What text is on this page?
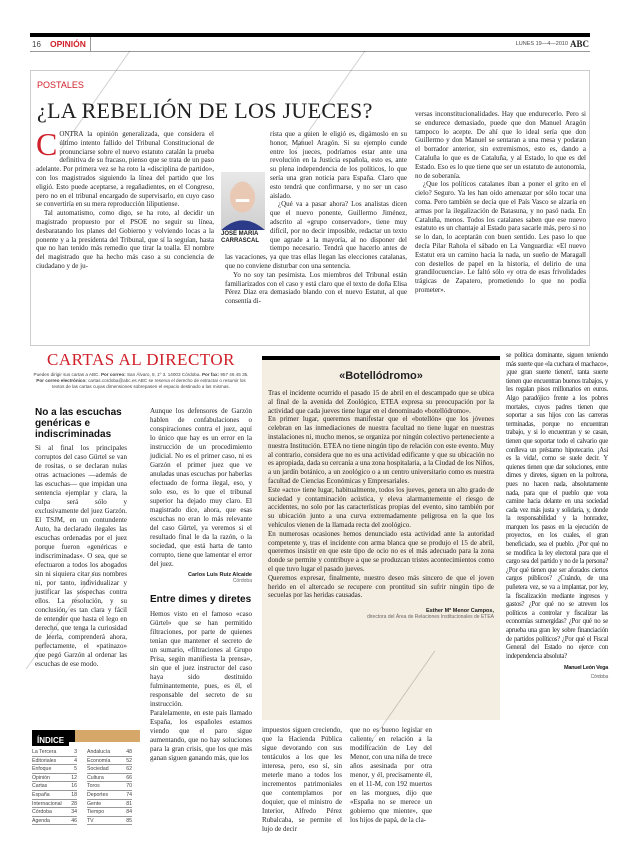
16	OPINIÓN	LUNES 19—4—2010 ABC
POSTALES
¿LA REBELIÓN DE LOS JUECES?
C ONTRA la opinión generalizada, que considera el último intento fallido del Tribunal Constitucional de pronunciarse sobre el nuevo estatuto catalán la prueba definitiva de su fracaso, pienso que se trata de un paso adelante. Por primera vez se ha roto la «disciplina de partido», con los magistrados siguiendo la línea del partido que los eligió. Esto puede aceptarse, a regañadientes, en el Congreso, pero no en el tribunal encargado de supervisarlo, en cuyo caso se convertiría en su mera reproducción liliputiense.

Tal automatismo, como digo, se ha roto, al decidir un magistrado propuesto por el PSOE no seguir su línea, desbaratando los planes del Gobierno y volviendo locas a la ponente y a la presidenta del Tribunal, que sí la seguían, hasta que no han tenido más remedio que tirar la toalla. El nombre del magistrado que ha hecho más caso a su conciencia de ciudadano y de ju-

JOSÉ MARÍA CARRASCAL

rista que a quien le eligió es, digámoslo en su honor, Manuel Aragón. Si su ejemplo cunde entre los jueces, podríamos estar ante una revolución en la Justicia española, esto es, ante su plena independencia de los políticos, lo que sería una gran noticia para España. Claro que esto tendrá que confirmarse, y no ser un caso aislado.

¿Qué va a pasar ahora? Los analistas dicen que el nuevo ponente, Guillermo Jiménez, adscrito al «grupo conservador», tiene muy difícil, por no decir imposible, redactar un texto que agrade a la mayoría, al no disponer del tiempo necesario. Tendrá que hacerlo antes de las vacaciones, ya que tras ellas llegan las elecciones catalanas, que no conviene disturbar con una sentencia.

Yo no soy tan pesimista. Los miembros del Tribunal están familiarizados con el caso y está claro que el texto de doña Elisa Pérez Díaz era demasiado blando con el nuevo Estatut, al que consentía di-

versas inconstitucionalidades. Hay que endurecerlo. Pero si se endurece demasiado, puede que don Manuel Aragón tampoco lo acepte. De ahí que lo ideal sería que don Guillermo y don Manuel se sentaran a una mesa y podaran el borrador anterior, sin extremismos, esto es, dando a Cataluña lo que es de Cataluña, y al Estado, lo que es del Estado. Eso es lo que tiene que ser un estatuto de autonomía, no de soberanía.

¿Que los políticos catalanes iban a poner el grito en el cielo? Seguro. Ya les han oído amenazar por sólo tocar una coma. Pero también se decía que el País Vasco se alzaría en armas por la ilegalización de Batasuna, y no pasó nada. En Cataluña, menos. Todos los catalanes saben que ese nuevo estatuto es un chantaje al Estado para sacarle más, pero si no se lo dan, lo aceptarán con buen sentido. Les paso lo que decía Pilar Rahola el sábado en La Vanguardia: «El nuevo Estatut era un camino hacia la nada, un sueño de Maragall con destellos de papel en la historia, el delirio de una grandilocuencia». Le faltó sólo «y otra de esas frivolidades trágicas de Zapatero, prometiendo lo que no podía prometer».

CARTAS AL DIRECTOR
Pueden dirigir sus cartas a ABC. Por correo: San Álvaro, 8, 1º 3. 14003 Córdoba. Por fax: 957 46 45 35. Por correo electrónico: cartas.cordoba@abc.es ABC se reserva el derecho de extractar o resumir los textos de las cartas cuyas dimensiones sobrepasen el espacio destinado a las mismas.
No a las escuchas genéricas e indiscriminadas

Si al final los principales corruptos del caso Gürtel se van de rositas, o se declaran nulas otras actuaciones —además de las escuchas— que impidan una sentencia ejemplar y clara, la culpa será sólo y exclusivamente del juez Garzón. El TSJM, en un contundente Auto, ha declarado ilegales las escuchas ordenadas por el juez porque fueron «genéricas e indiscriminadas». O sea, que se efectuaron a todos los abogados sin ni siquiera citar sus nombres ni, por tanto, individualizar y justificar las sospechas contra ellos. La resolución, y su conclusión, es tan clara y fácil de entender que hasta el lego en derecho, que tenga la curiosidad de leerla, comprenderá ahora, perfectamente, el «patinazo» que pegó Garzón al ordenar las escuchas de ese modo.

Aunque los defensores de Garzón hablen de confabulaciones o conspiraciones contra el juez, aquí lo único que hay es un error en la instrucción de un procedimiento judicial. No es el primer caso, ni es Garzón el primer juez que ve anuladas unas escuchas por haberlas efectuado de forma ilegal, eso, y solo eso, es lo que el tribunal superior ha dejado muy claro. El magistrado dice, ahora, que esas escuchas no eran lo más relevante del caso Gürtel, ya veremos si el resultado final le da la razón, o la sociedad, que está harta de tanto corrupto, tiene que lamentar el error del juez.

Carlos Luis Ruiz Alcaide
Córdoba
Entre dimes y diretes

Hemos visto en el famoso «caso Gürtel» que se han permitido filtraciones, por parte de quienes tenían que mantener el secreto de un sumario, «filtraciones al Grupo Prisa, según manifiesta la prensa», sin que el juez instructor del caso haya sido destituido fulminantemente, pues, es él, el responsable del secreto de su instrucción.

Paralelamente, en este país llamado España, los españoles estamos viendo que el paro sigue aumentando, que no hay soluciones para la gran crisis, que los que más ganan siguen ganando más, que los

ÍNDICE
La Tercera	3
Editoriales	4
Enfoque	5
Opinión	12
Cartas	16
España	18
Internacional 28
Córdoba	34
Agenda	46
Andalucía	48
Economía	52
Sociedad	62
Cultura	66
Toros	70
Deportes	74
Gente	81
Tiempo	84
TV	85
«Botellódromo»

Tras el incidente ocurrido el pasado 15 de abril en el descampado que se ubica al final de la avenida del Zoológico, ETEA expresa su preocupación por la actividad que cada jueves tiene lugar en el denominado «botellódromo».

En primer lugar, queremos manifestar que el «botellón» que los jóvenes celebran en las inmediaciones de nuestra facultad no tiene lugar en nuestras instalaciones ni, mucho menos, se organiza por ningún colectivo perteneciente a nuestra Institución. ETEA no tiene ningún tipo de relación con este evento. Muy al contrario, considera que no es una actividad edificante y que su ubicación no es apropiada, dada su cercanía a una zona hospitalaria, a la Ciudad de los Niños, a un jardín botánico, a un zoológico o a un centro universitario como es nuestra facultad de Ciencias Económicas y Empresariales.

Este «acto» tiene lugar, habitualmente, todos los jueves, genera un alto grado de suciedad y contaminación acústica, y eleva alarmantemente el riesgo de accidentes, no solo por las características propias del evento, sino también por su ubicación junto a una curva extremadamente peligrosa en la que los vehículos vienen de la llamada recta del zoológico.

En numerosas ocasiones hemos denunciado esta actividad ante la autoridad competente y, tras el incidente con arma blanca que se produjo el 15 de abril, queremos insistir en que este tipo de ocio no es el más adecuado para la zona donde se permite y contribuye a que se produzcan tristes acontecimientos como el que tuvo lugar el pasado jueves.

Queremos expresar, finalmente, nuestro deseo más sincero de que el joven herido en el altercado se recupere con prontitud sin sufrir ningún tipo de secuelas por las heridas causadas.

Esther Mª Menor Campos,
directora del Área de Relaciones Institucionales de ETEA

impuestos siguen creciendo, que la Hacienda Pública sigue devorando con sus tentáculos a los que les interesa, pero, eso sí, sin meterle mano a todos los incrementos patrimoniales que contemplamos por doquier, que el ministro de Interior, Alfredo Pérez Rubalcaba, se permite el lujo de decir

que no es bueno legislar en caliente, en relación a la modificación de Ley del Menor, con una niña de trece años asesinada por otra menor, y él, precisamente él, en el 11-M, con 192 muertos en las morgues, dijo que «España no se merece un gobierno que miente», que los hijos de papá, de la cla-

se política dominante, siguen teniendo más suerte que «la cuchara el machaco», ¡que gran suerte tienen!, tanta suerte tienen que encuentran buenos trabajos, y les regalan pisos millonarios en euros. Algo paradójico frente a los pobres mortales, cuyos padres tienen que soportar a sus hijos con las carreras terminadas, porque no encuentran trabajo, y si lo encuentran y se casan, tienen que soportar todo el calvario que conlleva un préstamo hipotecario. ¡Así es la vida!, como se suele decir. Y quienes tienen que dar soluciones, entre dimes y diretes, siguen en la poltrona, pues no hacen nada, absolutamente nada, para que el pueblo que vota camine hacia delante en una sociedad cada vez más justa y solidaria, y, donde la responsabilidad y la honradez, marquen los pasos en la ejecución de proyectos, en los cuales, el gran beneficiado, sea el pueblo. ¿Por qué no se modifica la ley electoral para que el cargo sea del partido y no de la persona? ¿Por qué tienen que ser aforados ciertos cargos públicos? ¿Cuándo, de una puñetera vez, se va a implantar, por ley, la fiscalización mediante ingresos y gastos? ¿Por qué no se atreven los políticos a controlar y fiscalizar las economías sumergidas? ¿Por qué no se aprueba una gran ley sobre financiación de partidos políticos? ¿Por qué el Fiscal General del Estado no ejerce con independencia absoluta?

Manuel León Vega
Córdoba
